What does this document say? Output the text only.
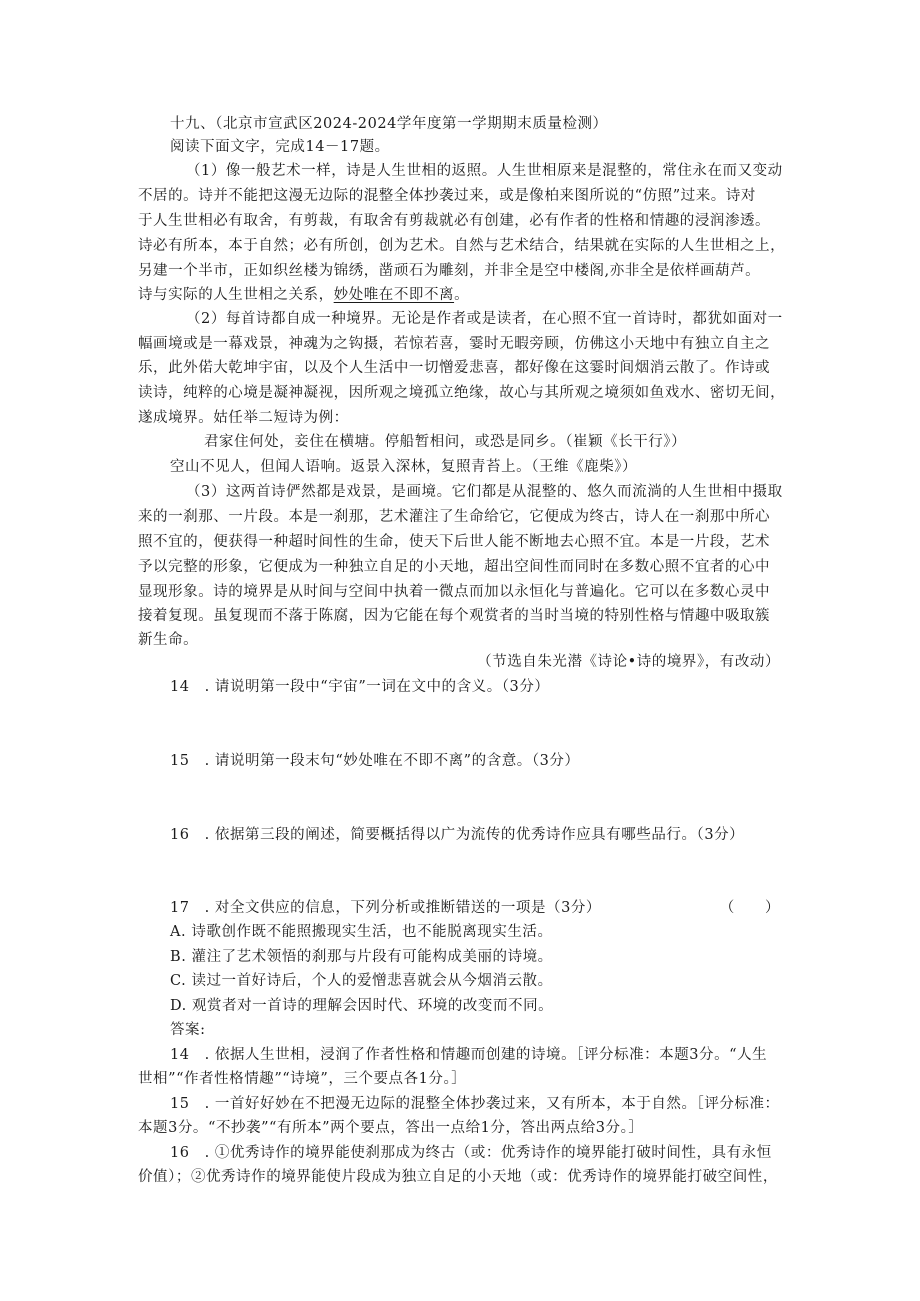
十九、（北京市宣武区2024-2024学年度第一学期期末质量检测）
阅读下面文字，完成14－17题。
（1）像一般艺术一样，诗是人生世相的返照。人生世相原来是混整的，常住永在而又变动
不居的。诗并不能把这漫无边际的混整全体抄袭过来，或是像柏来图所说的“仿照”过来。诗对
于人生世相必有取舍，有剪裁，有取舍有剪裁就必有创建，必有作者的性格和情趣的浸润渗透。
诗必有所本，本于自然；必有所创，创为艺术。自然与艺术结合，结果就在实际的人生世相之上，
另建一个半市，正如织丝楼为锦绣，凿顽石为雕刻，并非全是空中楼阁,亦非全是依样画葫芦。
诗与实际的人生世相之关系，妙处唯在不即不离。
（2）每首诗都自成一种境界。无论是作者或是读者，在心照不宜一首诗时，都犹如面对一
幅画境或是一幕戏景，神魂为之钩摄，若惊若喜，霎时无暇旁顾，仿佛这小天地中有独立自主之
乐，此外偌大乾坤宇宙，以及个人生活中一切憎爱悲喜，都好像在这霎时间烟消云散了。作诗或
读诗，纯粹的心境是凝神凝视，因所观之境孤立绝缘，故心与其所观之境须如鱼戏水、密切无间，
遂成境界。姑任举二短诗为例：
君家住何处，妾住在横塘。停船暂相问，或恐是同乡。（崔颖《长干行》）
空山不见人，但闻人语响。返景入深林，复照青苔上。（王维《鹿柴》）
（3）这两首诗俨然都是戏景，是画境。它们都是从混整的、悠久而流淌的人生世相中摄取
来的一刹那、一片段。本是一刹那，艺术灌注了生命给它，它便成为终古，诗人在一刹那中所心
照不宜的，便获得一种超时间性的生命，使天下后世人能不断地去心照不宜。本是一片段，艺术
予以完整的形象，它便成为一种独立自足的小天地，超出空间性而同时在多数心照不宜者的心中
显现形象。诗的境界是从时间与空间中执着一微点而加以永恒化与普遍化。它可以在多数心灵中
接着复现。虽复现而不落于陈腐，因为它能在每个观赏者的当时当境的特别性格与情趣中吸取簇
新生命。
（节选自朱光潜《诗论•诗的境界》，有改动）
14　. 请说明第一段中“宇宙”一词在文中的含义。（3分）
15　. 请说明第一段末句“妙处唯在不即不离”的含意。（3分）
16　. 依据第三段的阐述，简要概括得以广为流传的优秀诗作应具有哪些品行。（3分）
17　. 对全文供应的信息，下列分析或推断错送的一项是（3分）	（　　）
A. 诗歌创作既不能照搬现实生活，也不能脱离现实生活。
B. 灌注了艺术领悟的刹那与片段有可能构成美丽的诗境。
C. 读过一首好诗后，个人的爱憎悲喜就会从今烟消云散。
D. 观赏者对一首诗的理解会因时代、环境的改变而不同。
答案:
14　. 依据人生世相，浸润了作者性格和情趣而创建的诗境。［评分标准：本题3分。“人生
世相”“作者性格情趣”“诗境”，三个要点各1分。］
15　. 一首好好妙在不把漫无边际的混整全体抄袭过来，又有所本，本于自然。［评分标准：
本题3分。“不抄袭”“有所本”两个要点，答出一点给1分，答出两点给3分。］
16　. ①优秀诗作的境界能使刹那成为终古（或：优秀诗作的境界能打破时间性，具有永恒
价值）；②优秀诗作的境界能使片段成为独立自足的小天地（或：优秀诗作的境界能打破空间性，
